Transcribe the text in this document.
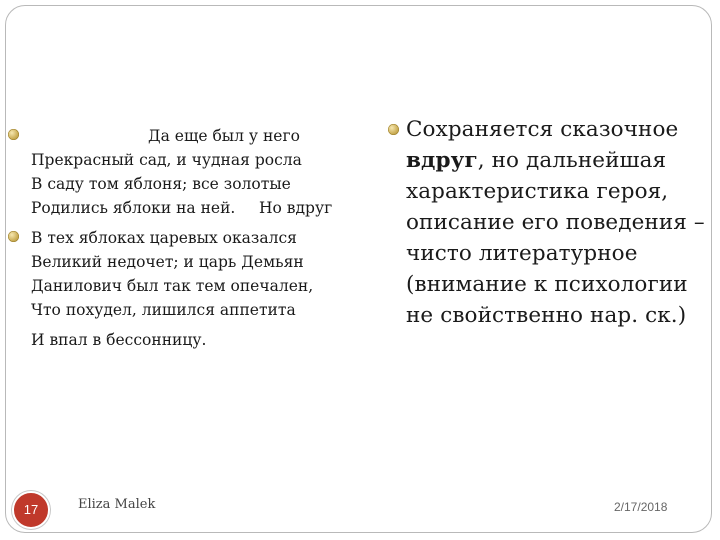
Да еще был у него
Прекрасный сад, и чудная росла
В саду том яблоня; все золотые
Родились яблоки на ней. Но вдруг
В тех яблоках царевых оказался
Великий недочет; и царь Демьян
Данилович был так тем опечален,
Что похудел, лишился аппетита
И впал в бессонницу.
Сохраняется сказочное
вдруг, но дальнейшая
характеристика героя,
описание его поведения –
чисто литературное
(внимание к психологии
не свойственно нар. ск.)
17	Eliza Malek	2/17/2018
